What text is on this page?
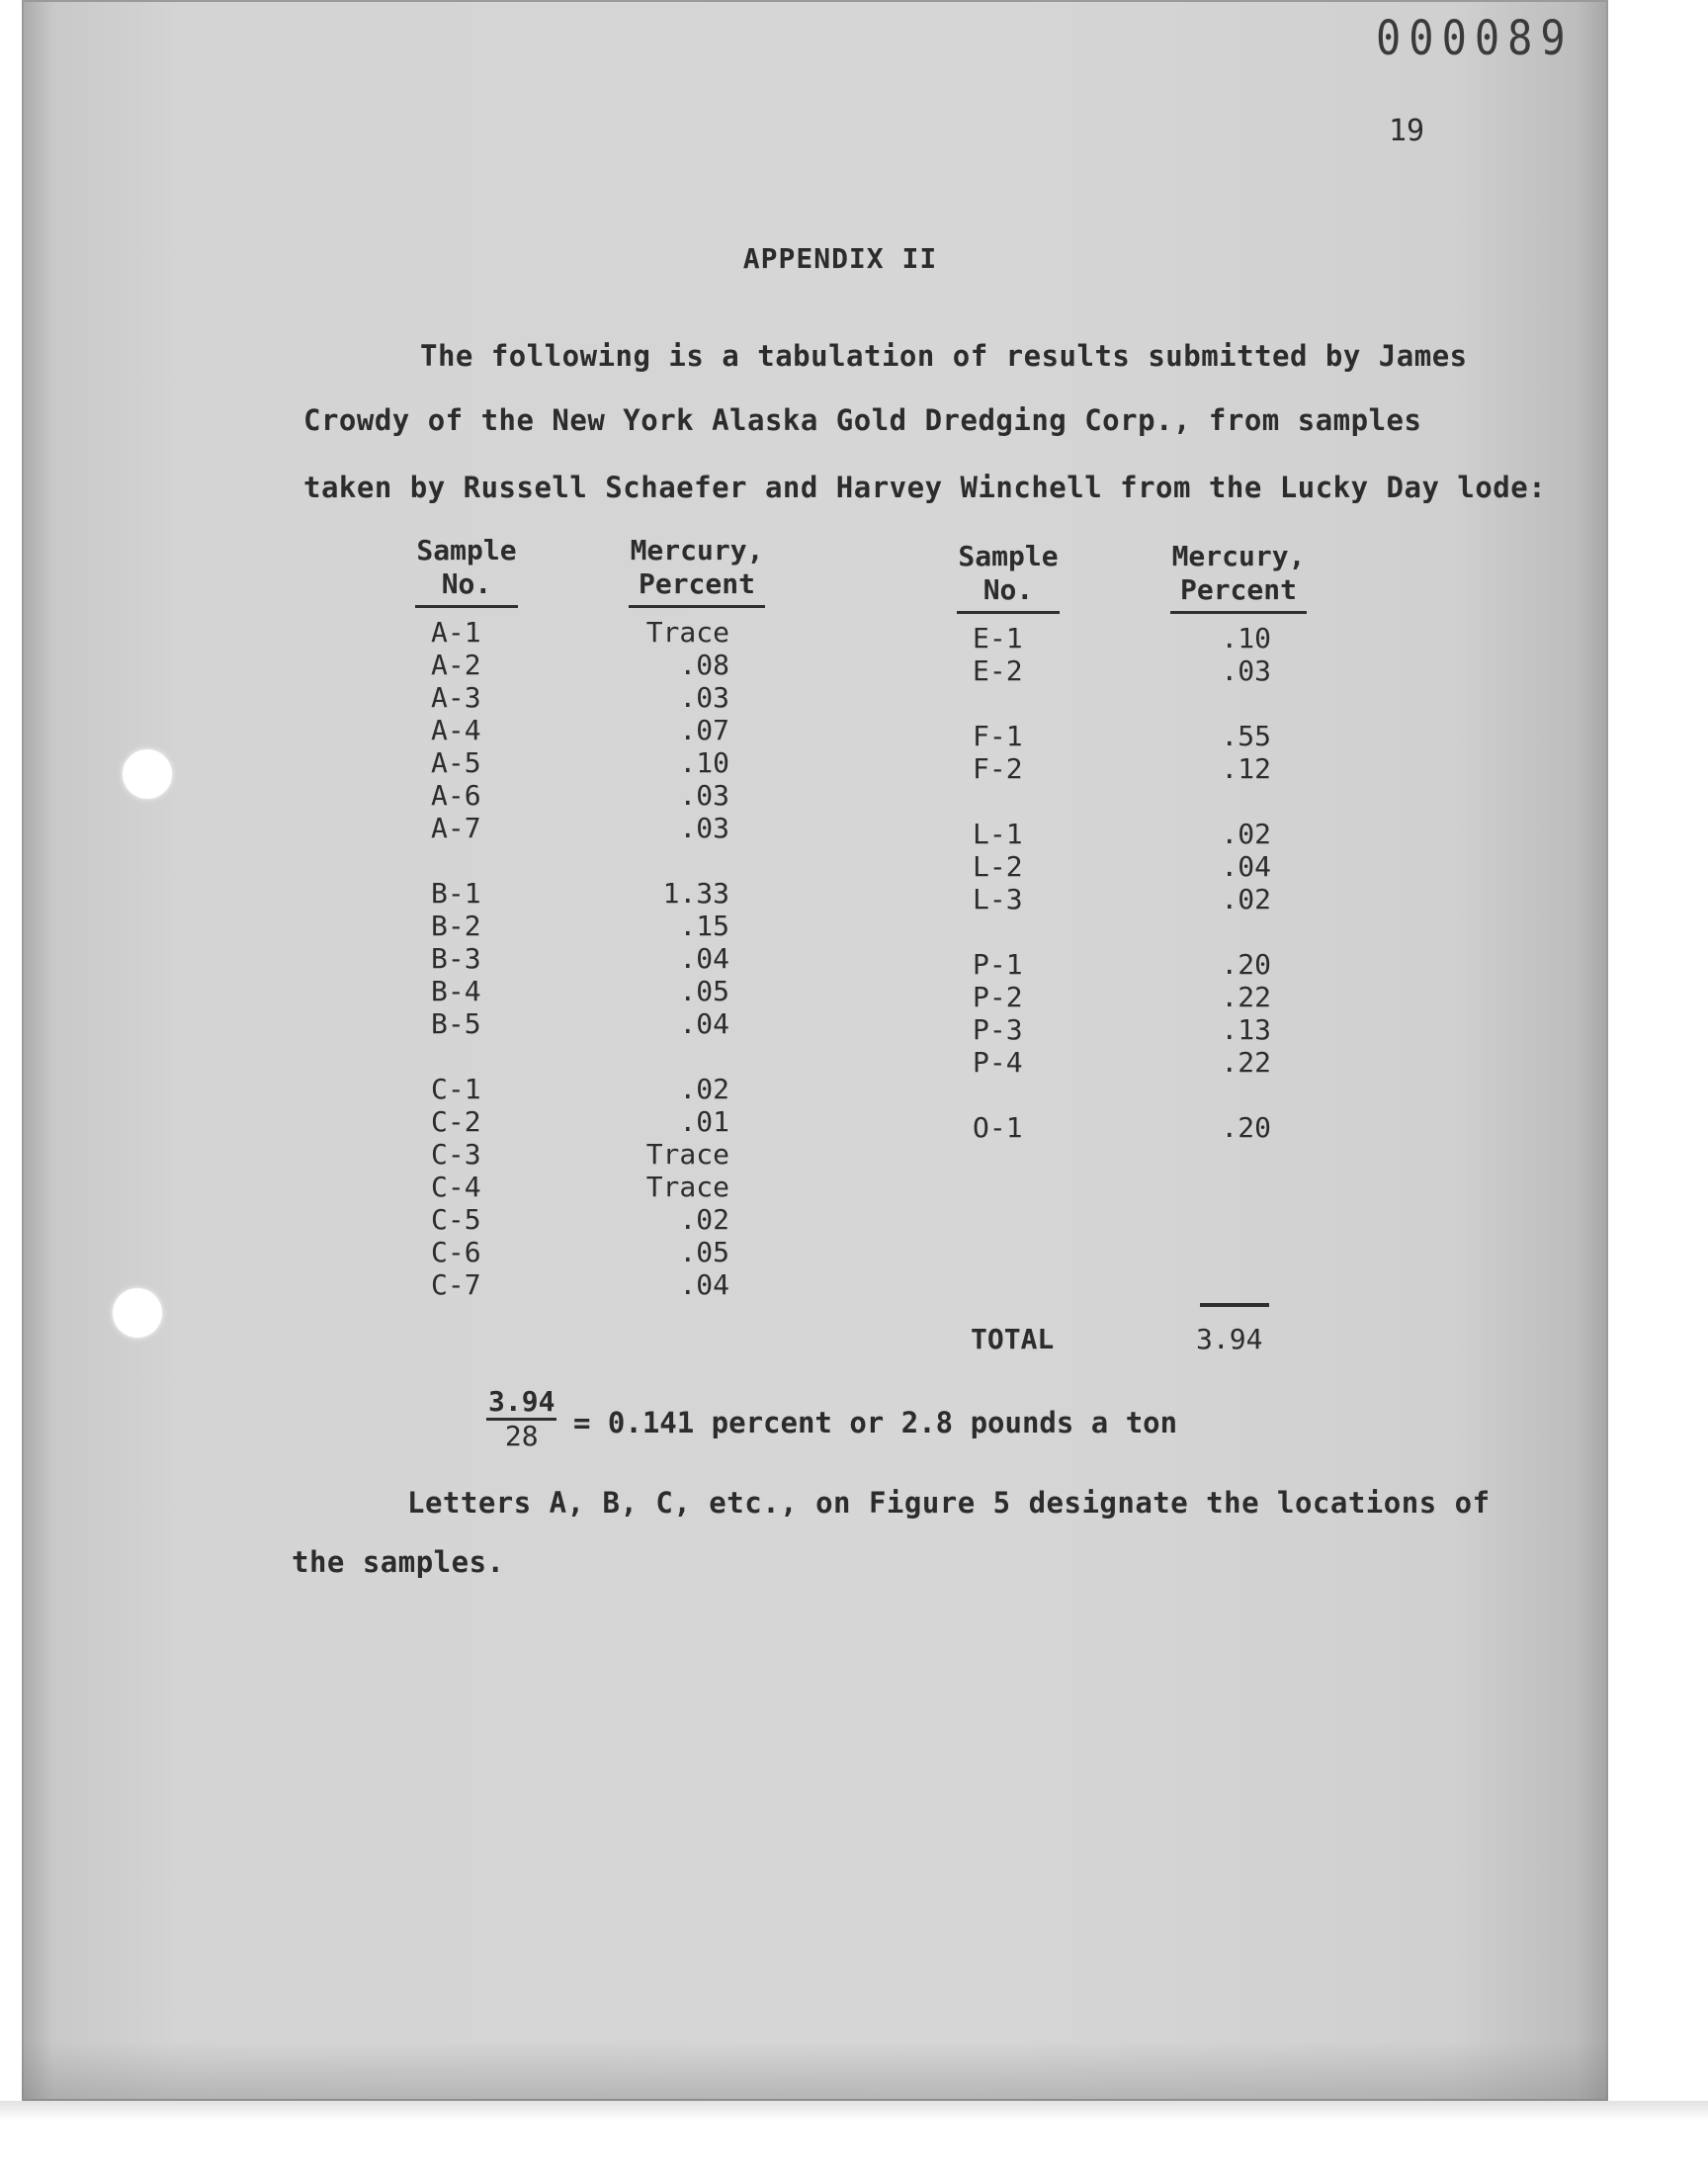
000089
19
APPENDIX II
The following is a tabulation of results submitted by James
Crowdy of the New York Alaska Gold Dredging Corp., from samples
taken by Russell Schaefer and Harvey Winchell from the Lucky Day lode:
Sample
No.
A-1
A-2
A-3
A-4
A-5
A-6
A-7
B-1
B-2
B-3
B-4
B-5
C-1
C-2
C-3
C-4
C-5
C-6
C-7
Mercury,
Percent
Trace
.08
.03
.07
.10
.03
.03
1.33
.15
.04
.05
.04
.02
.01
Trace
Trace
.02
.05
.04
Sample
No.
E-1
E-2
F-1
F-2
L-1
L-2
L-3
P-1
P-2
P-3
P-4
O-1
Mercury,
Percent
.10
.03
.55
.12
.02
.04
.02
.20
.22
.13
.22
.20
TOTAL	3.94
$\frac{3.94}{28} = 0.141$ percent or 2.8 pounds a ton
Letters A, B, C, etc., on Figure 5 designate the locations of
the samples.
